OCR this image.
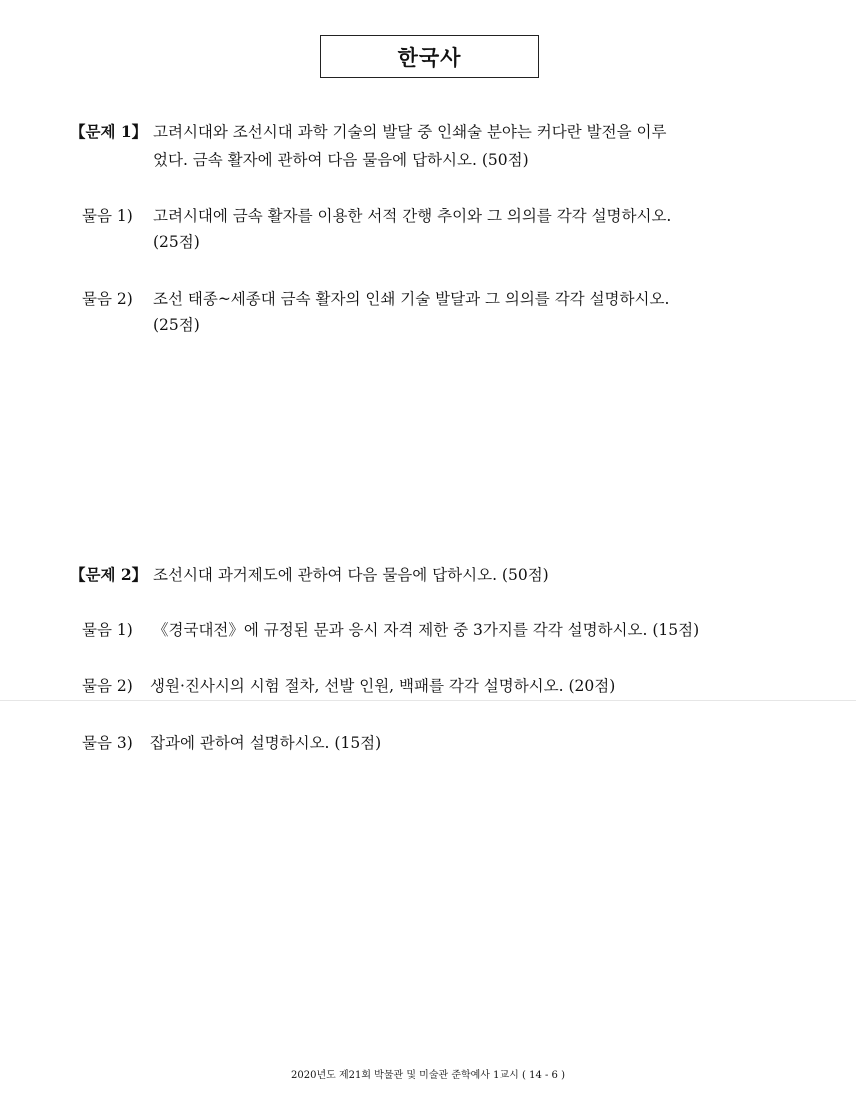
한국사
【문제 1】 고려시대와 조선시대 과학 기술의 발달 중 인쇄술 분야는 커다란 발전을 이루
었다. 금속 활자에 관하여 다음 물음에 답하시오. (50점)
물음 1) 고려시대에 금속 활자를 이용한 서적 간행 추이와 그 의의를 각각 설명하시오.
(25점)
물음 2) 조선 태종~세종대 금속 활자의 인쇄 기술 발달과 그 의의를 각각 설명하시오.
(25점)
【문제 2】 조선시대 과거제도에 관하여 다음 물음에 답하시오. (50점)
물음 1) 《경국대전》에 규정된 문과 응시 자격 제한 중 3가지를 각각 설명하시오. (15점)
물음 2) 생원·진사시의 시험 절차, 선발 인원, 백패를 각각 설명하시오. (20점)
물음 3) 잡과에 관하여 설명하시오. (15점)
2020년도 제21회 박물관 및 미술관 준학예사 1교시 ( 14 - 6 )
